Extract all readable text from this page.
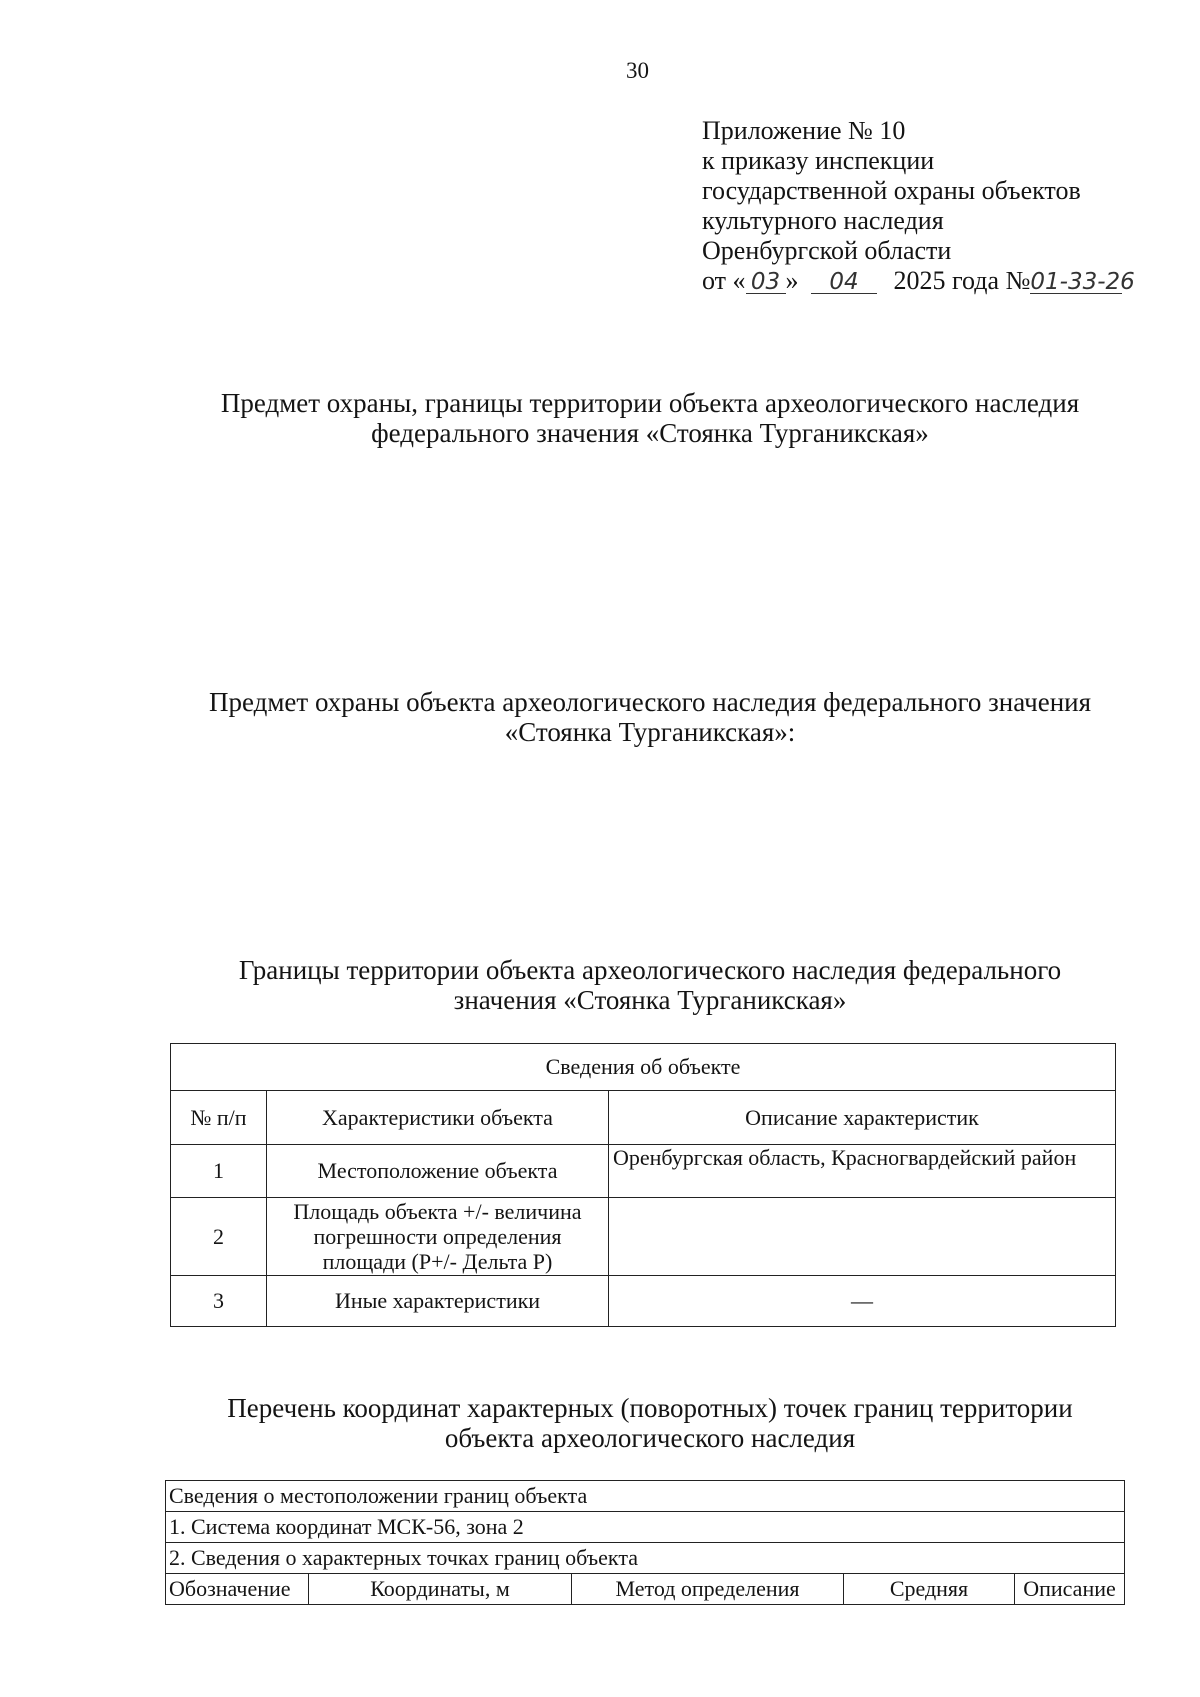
30
Приложение № 10
к приказу инспекции
государственной охраны объектов
культурного наследия
Оренбургской области
от « 03 » 04 2025 года №01-33-26
Предмет охраны, границы территории объекта археологического наследия
федерального значения «Стоянка Турганикская»
Предмет охраны объекта археологического наследия федерального значения
«Стоянка Турганикская»:
Границы территории объекта археологического наследия федерального
значения «Стоянка Турганикская»
Сведения об объекте		
№ п/п	Характеристики объекта	Описание характеристик
1	Местоположение объекта	Оренбургская область, Красногвардейский район
2	Площадь объекта +/- величина погрешности определения площади (Р+/- Дельта Р)	
3	Иные характеристики	—
Перечень координат характерных (поворотных) точек границ территории
объекта археологического наследия
Сведения о местоположении границ объекта
1. Система координат МСК-56, зона 2
2. Сведения о характерных точках границ объекта
Обозначение	Координаты, м	Метод определения	Средняя	Описание
